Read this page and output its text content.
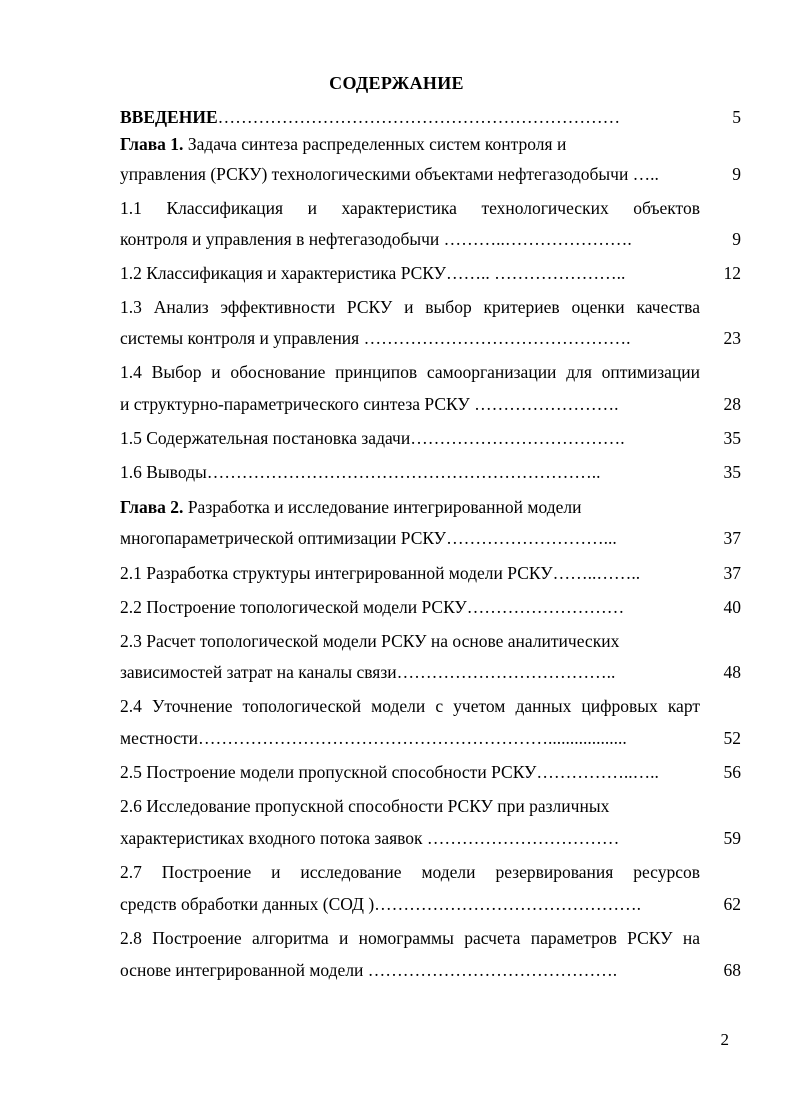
СОДЕРЖАНИЕ
ВВЕДЕНИЕ……………………………………………………………	5
Глава 1. Задача синтеза распределенных систем контроля и
управления (РСКУ) технологическими объектами нефтегазодобычи …..	9
1.1 Классификация и характеристика технологических объектов
контроля и управления в нефтегазодобычи ………..………………….	9
1.2 Классификация и характеристика РСКУ…….. …………………..	12
1.3 Анализ эффективности РСКУ и выбор критериев оценки качества
системы контроля и управления ……………………………………….	23
1.4 Выбор и обоснование принципов самоорганизации для оптимизации
и структурно-параметрического синтеза РСКУ …………………….	28
1.5 Содержательная постановка задачи……………………………….	35
1.6 Выводы…………………………………………………………..	35
Глава 2. Разработка и исследование интегрированной модели
многопараметрической оптимизации РСКУ………………………...	37
2.1 Разработка структуры интегрированной модели РСКУ……..……..	37
2.2 Построение топологической модели РСКУ………………………	40
2.3 Расчет топологической модели РСКУ на основе аналитических
зависимостей затрат на каналы связи………………………………..	48
2.4 Уточнение топологической модели с учетом данных цифровых карт
местности……………………………………………………..................	52
2.5 Построение модели пропускной способности РСКУ……………..…..	56
2.6 Исследование пропускной способности РСКУ при различных
характеристиках входного потока заявок ……………………………	59
2.7 Построение и исследование модели резервирования ресурсов
средств обработки данных (СОД )……………………………………….	62
2.8 Построение алгоритма и номограммы расчета параметров РСКУ на
основе интегрированной модели …………………………………….	68
2
